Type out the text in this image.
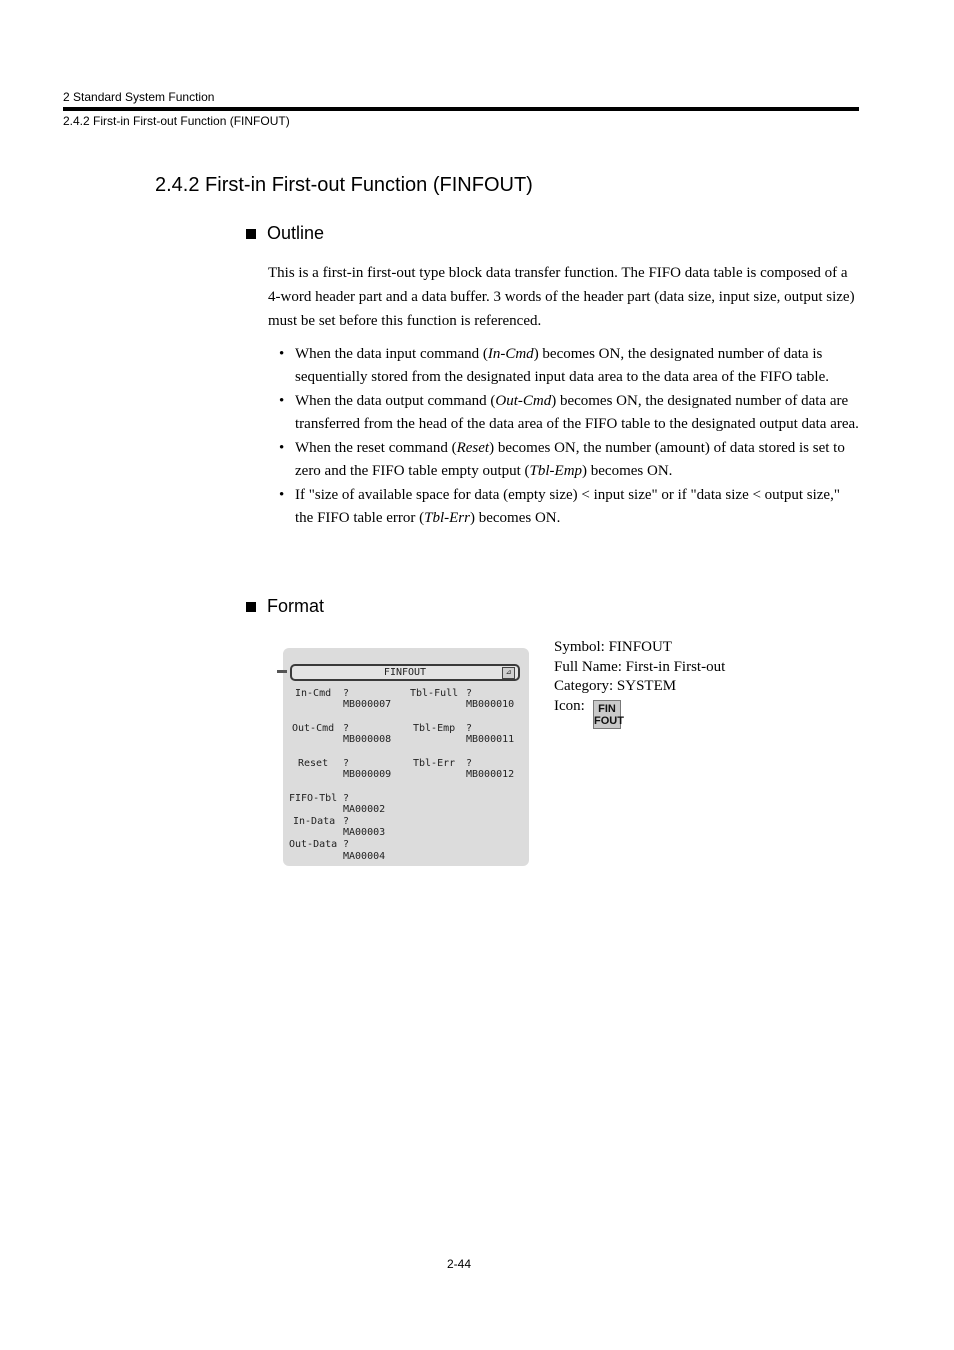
2 Standard System Function
2.4.2 First-in First-out Function (FINFOUT)
2.4.2 First-in First-out Function (FINFOUT)
Outline
This is a first-in first-out type block data transfer function. The FIFO data table is composed of a 4-word header part and a data buffer. 3 words of the header part (data size, input size, output size) must be set before this function is referenced.
• When the data input command (In-Cmd) becomes ON, the designated number of data is sequentially stored from the designated input data area to the data area of the FIFO table.
• When the data output command (Out-Cmd) becomes ON, the designated number of data are transferred from the head of the data area of the FIFO table to the designated output data area.
• When the reset command (Reset) becomes ON, the number (amount) of data stored is set to zero and the FIFO table empty output (Tbl-Emp) becomes ON.
• If "size of available space for data (empty size) < input size" or if "data size < output size," the FIFO table error (Tbl-Err) becomes ON.
Format
FINFOUT	⊿
In-Cmd ?
MB000007
Out-Cmd ?
MB000008
Reset ?
MB000009
FIFO-Tbl ?
MA00002
In-Data ?
MA00003
Out-Data ?
MA00004
Tbl-Full ?
MB000010
Tbl-Emp ?
MB000011
Tbl-Err ?
MB000012
Symbol: FINFOUT
Full Name: First-in First-out
Category: SYSTEM
Icon:	FIN
FOUT
2-44
